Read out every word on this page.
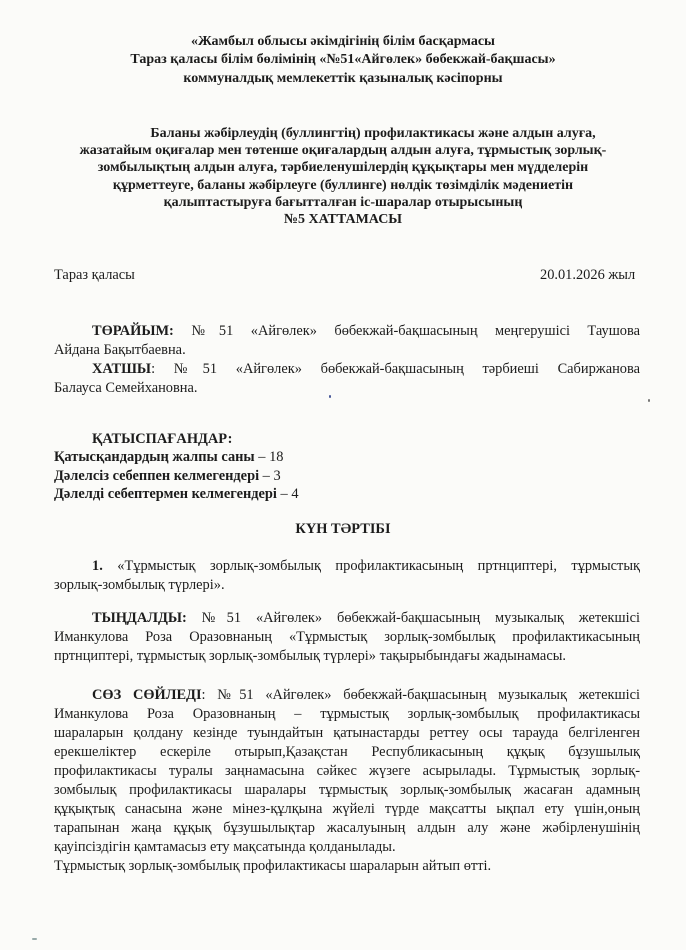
«Жамбыл облысы әкімдігінің білім басқармасы
Тараз қаласы білім бөлімінің «№51«Айгөлек» бөбекжай-бақшасы»
коммуналдық мемлекеттік қазыналық кәсіпорны
Баланы жәбірлеудің (буллингтің) профилактикасы және алдын алуға,
жазатайым оқиғалар мен төтенше оқиғалардың алдын алуға, тұрмыстық зорлық-
зомбылықтың алдын алуға, тәрбиеленушілердің құқықтары мен мүдделерін
құрметтеуге, баланы жәбірлеуге (буллинге) нөлдік төзімділік мәдениетін
қалыптастыруға бағытталған іс-шаралар отырысының
№5 ХАТТАМАСЫ
Тараз қаласы	20.01.2026 жыл
ТӨРАЙЫМ: №51 «Айгөлек» бөбекжай-бақшасының меңгерушісі Таушова
Айдана Бақытбаевна.
ХАТШЫ: №51 «Айгөлек» бөбекжай-бақшасының тәрбиеші Сабиржанова
Балауса Семейхановна.
ҚАТЫСПАҒАНДАР:
Қатысқандардың жалпы саны – 18
Дәлелсіз себеппен келмегендері – 3
Дәлелді себептермен келмегендері – 4
КҮН ТӘРТІБІ
1. «Тұрмыстық зорлық-зомбылық профилактикасының пртнциптері, тұрмыстық
зорлық-зомбылық түрлері».
ТЫҢДАЛДЫ: №51 «Айгөлек» бөбекжай-бақшасының музыкалық жетекшісі
Иманкулова Роза Оразовнаның «Тұрмыстық зорлық-зомбылық профилактикасының
пртнциптері, тұрмыстық зорлық-зомбылық түрлері» тақырыбындағы жадынамасы.
СӨЗ СӨЙЛЕДІ: №51 «Айгөлек» бөбекжай-бақшасының музыкалық жетекшісі
Иманкулова Роза Оразовнаның – тұрмыстық зорлық-зомбылық профилактикасы
шараларын қолдану кезінде туындайтын қатынастарды реттеу осы тарауда белгіленген
ерекшеліктер ескеріле отырып,Қазақстан Республикасының құқық бұзушылық
профилактикасы туралы заңнамасына сәйкес жүзеге асырылады. Тұрмыстық зорлық-
зомбылық профилактикасы шаралары тұрмыстық зорлық-зомбылық жасаған адамның
құқықтық санасына және мінез-құлқына жүйелі түрде мақсатты ықпал ету үшін,оның
тарапынан жаңа құқық бұзушылықтар жасалуының алдын алу және жәбірленушінің
қауіпсіздігін қамтамасыз ету мақсатында қолданылады.
Тұрмыстық зорлық-зомбылық профилактикасы шараларын айтып өтті.
